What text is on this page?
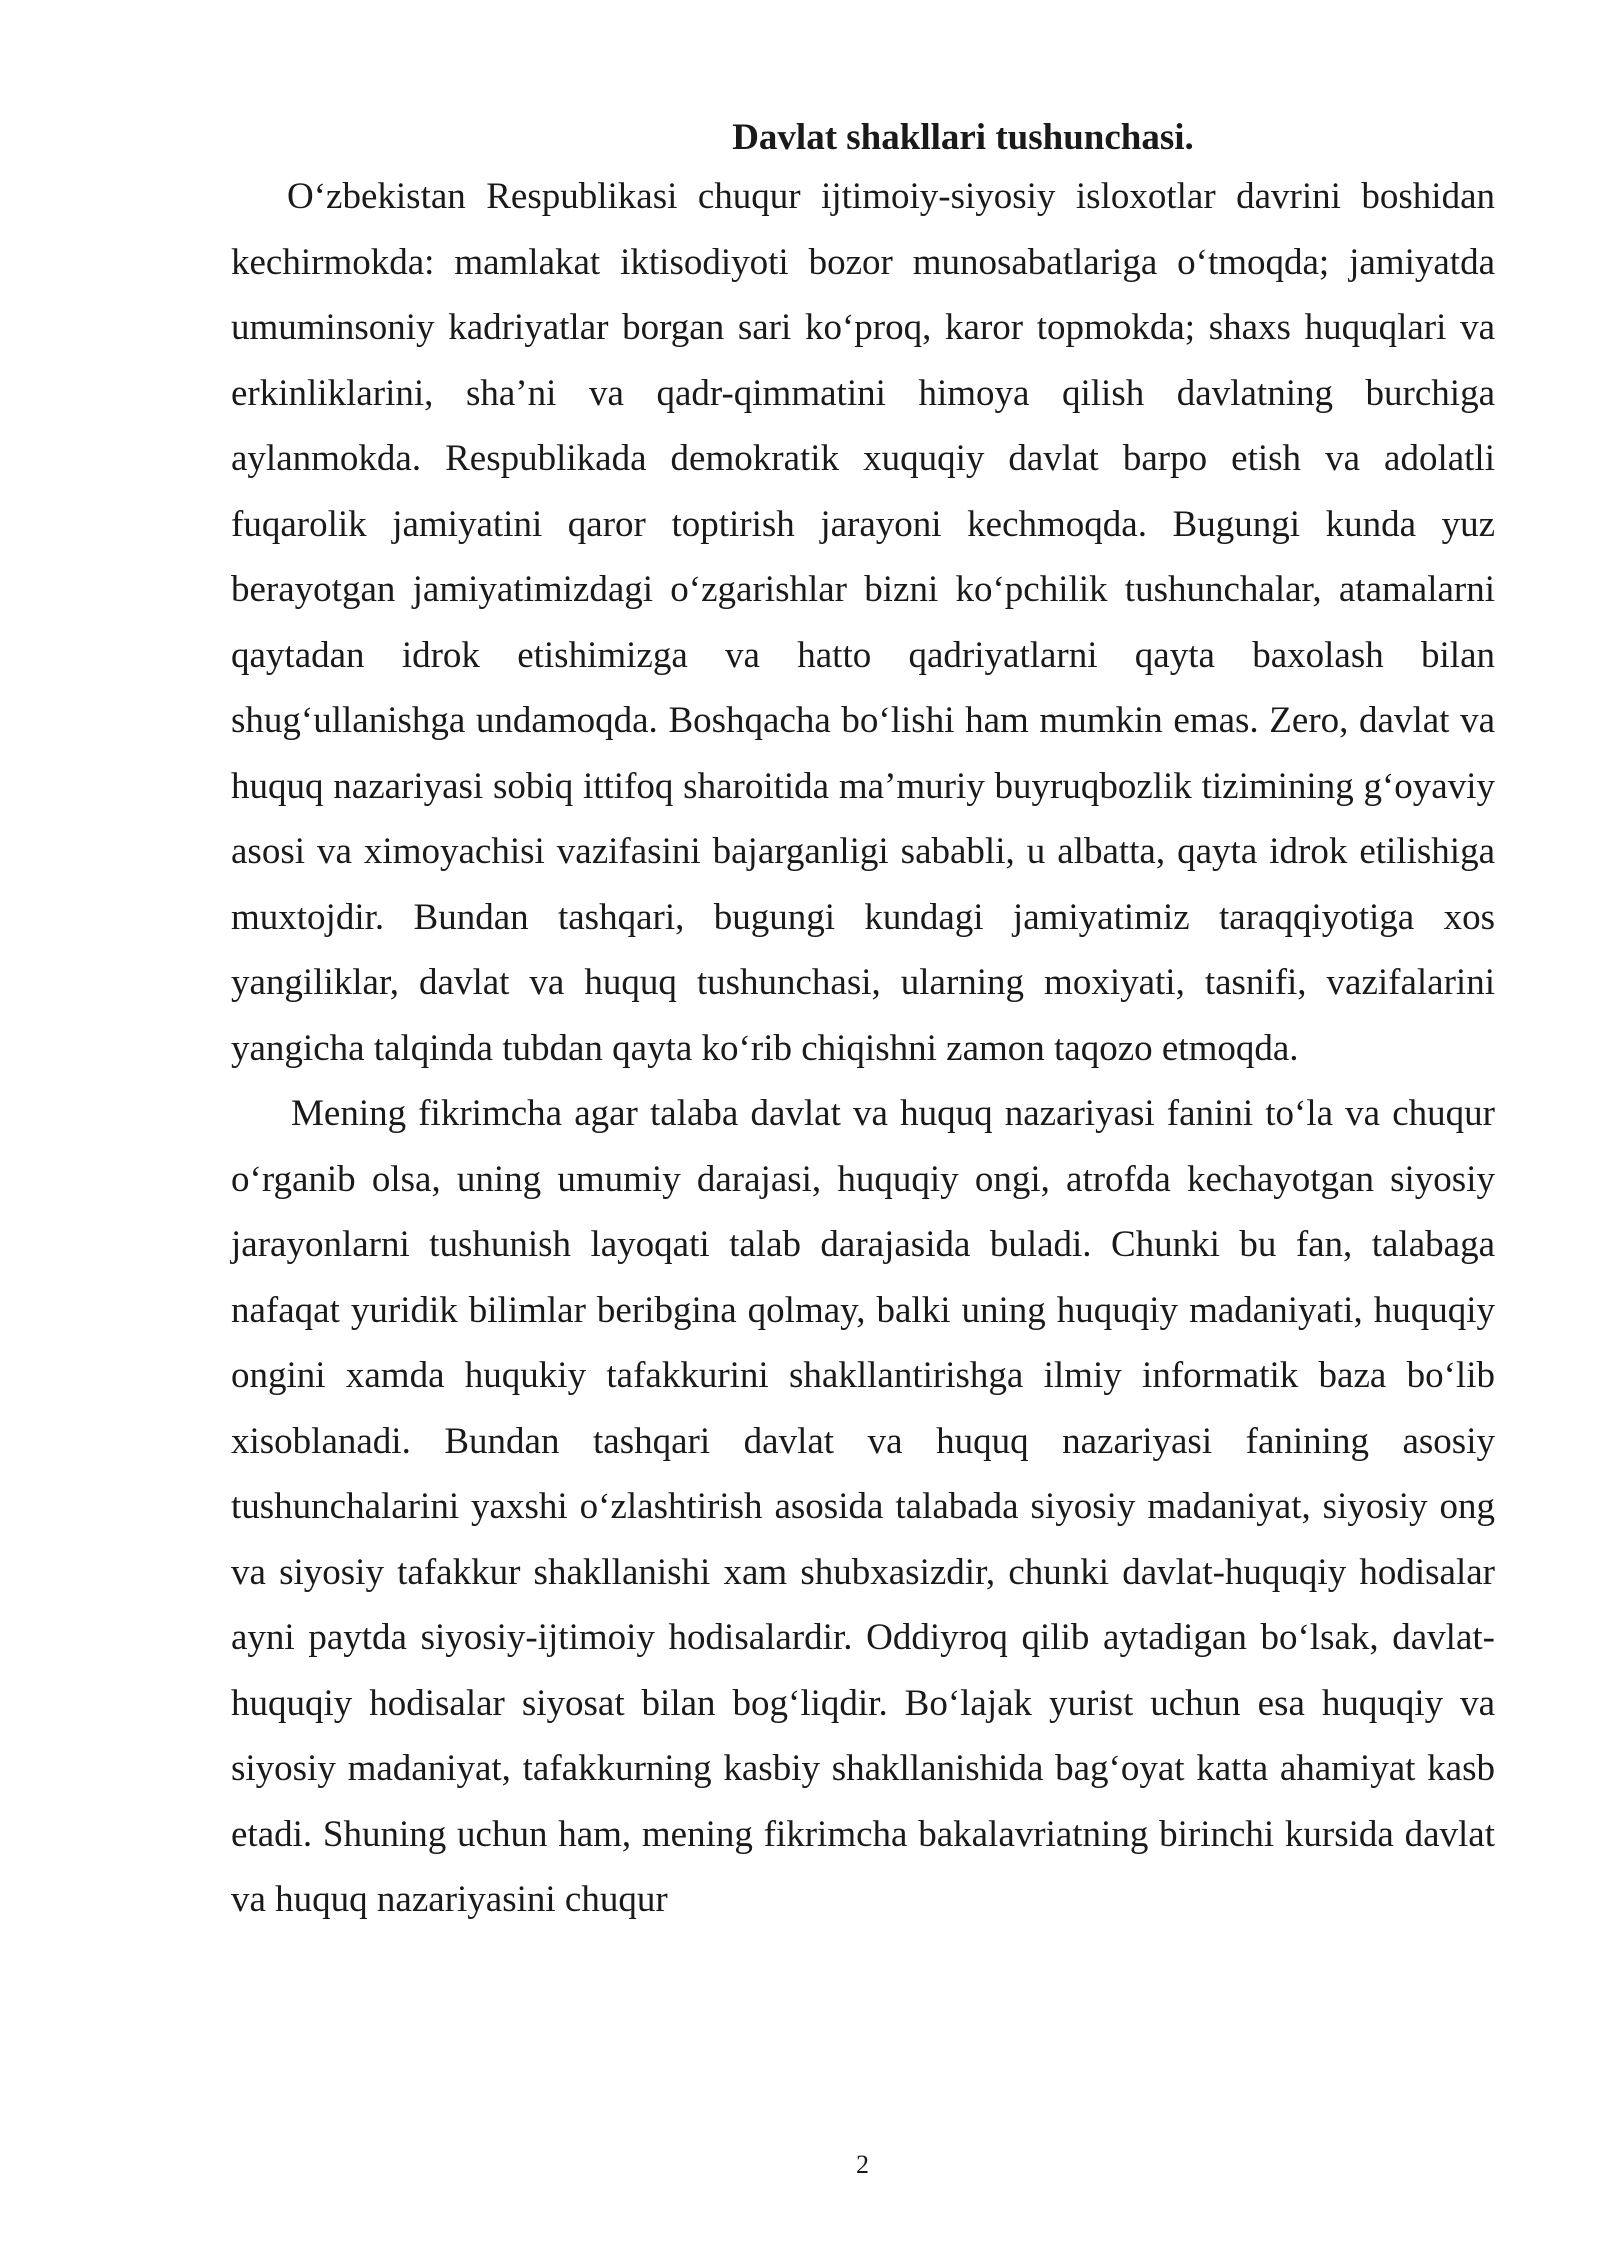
Davlat shakllari tushunchasi.

O‘zbekistan Respublikasi chuqur ijtimoiy-siyosiy isloxotlar davrini boshidan kechirmokda: mamlakat iktisodiyoti bozor munosabatlariga o‘tmoqda; jamiyatda umuminsoniy kadriyatlar borgan sari ko‘proq, karor topmokda; shaxs huquqlari va erkinliklarini, sha’ni va qadr-qimmatini himoya qilish davlatning burchiga aylanmokda. Respublikada demokratik xuquqiy davlat barpo etish va adolatli fuqarolik jamiyatini qaror toptirish jarayoni kechmoqda. Bugungi kunda yuz berayotgan jamiyatimizdagi o‘zgarishlar bizni ko‘pchilik tushunchalar, atamalarni qaytadan idrok etishimizga va hatto qadriyatlarni qayta baxolash bilan shug‘ullanishga undamoqda. Boshqacha bo‘lishi ham mumkin emas. Zero, davlat va huquq nazariyasi sobiq ittifoq sharoitida ma’muriy buyruqbozlik tizimining g‘oyaviy asosi va ximoyachisi vazifasini bajarganligi sababli, u albatta, qayta idrok etilishiga muxtojdir. Bundan tashqari, bugungi kundagi jamiyatimiz taraqqiyotiga xos yangiliklar, davlat va huquq tushunchasi, ularning moxiyati, tasnifi, vazifalarini yangicha talqinda tubdan qayta ko‘rib chiqishni zamon taqozo etmoqda.

Mening fikrimcha agar talaba davlat va huquq nazariyasi fanini to‘la va chuqur o‘rganib olsa, uning umumiy darajasi, huquqiy ongi, atrofda kechayotgan siyosiy jarayonlarni tushunish layoqati talab darajasida buladi. Chunki bu fan, talabaga nafaqat yuridik bilimlar beribgina qolmay, balki uning huquqiy madaniyati, huquqiy ongini xamda huqukiy tafakkurini shakllantirishga ilmiy informatik baza bo‘lib xisoblanadi. Bundan tashqari davlat va huquq nazariyasi fanining asosiy tushunchalarini yaxshi o‘zlashtirish asosida talabada siyosiy madaniyat, siyosiy ong va siyosiy tafakkur shakllanishi xam shubxasizdir, chunki davlat-huquqiy hodisalar ayni paytda siyosiy-ijtimoiy hodisalardir. Oddiyroq qilib aytadigan bo‘lsak, davlat-huquqiy hodisalar siyosat bilan bog‘liqdir. Bo‘lajak yurist uchun esa huquqiy va siyosiy madaniyat, tafakkurning kasbiy shakllanishida bag‘oyat katta ahamiyat kasb etadi. Shuning uchun ham, mening fikrimcha bakalavriatning birinchi kursida davlat va huquq nazariyasini chuqur

2
